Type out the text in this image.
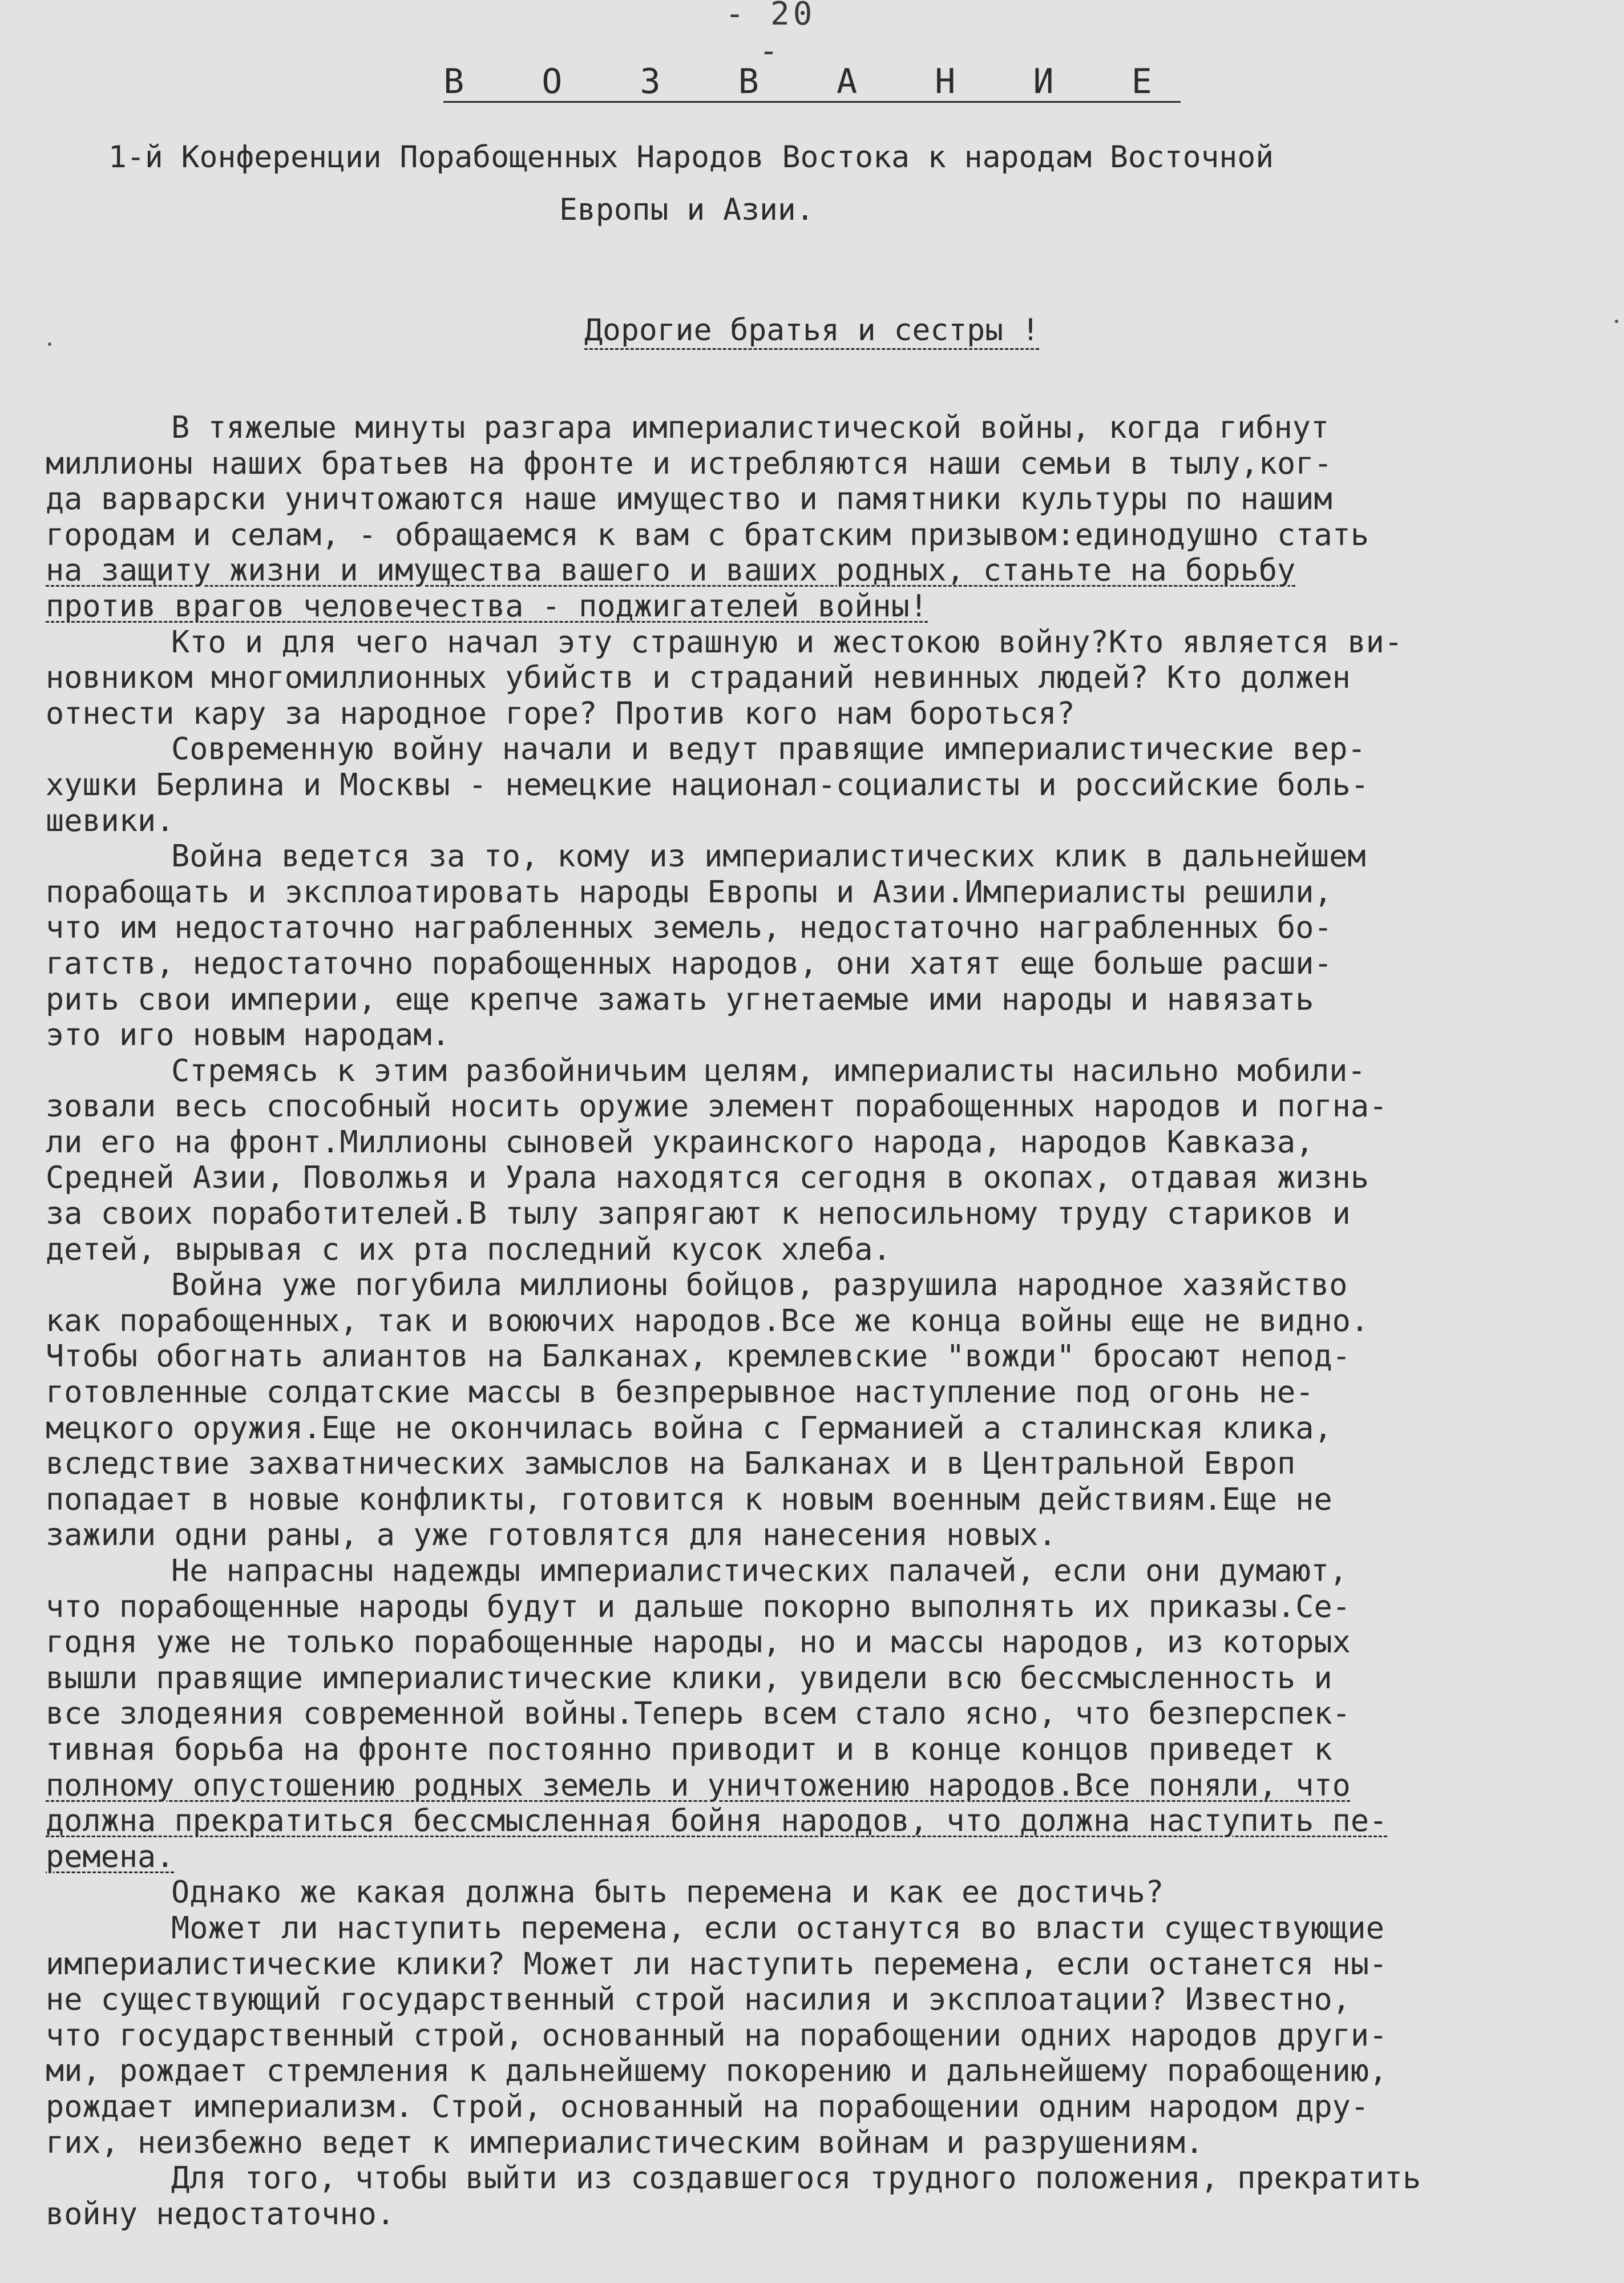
- 20 -
В О З В А Н И Е
1-й Конференции Порабощенных Народов Востока к народам Восточной
Европы и Азии.
Дорогие братья и сестры !
В тяжелые минуты разгара империалистической войны, когда гибнут
миллионы наших братьев на фронте и истребляются наши семьи в тылу,ког-
да варварски уничтожаются наше имущество и памятники культуры по нашим
городам и селам, - обращаемся к вам с братским призывом:единодушно стать
на защиту жизни и имущества вашего и ваших родных, станьте на борьбу
против врагов человечества - поджигателей войны!
Кто и для чего начал эту страшную и жестокою войну?Кто является ви-
новником многомиллионных убийств и страданий невинных людей? Кто должен
отнести кару за народное горе? Против кого нам бороться?
Современную войну начали и ведут правящие империалистические вер-
хушки Берлина и Москвы - немецкие национал-социалисты и российские боль-
шевики.
Война ведется за то, кому из империалистических клик в дальнейшем
порабощать и эксплоатировать народы Европы и Азии.Империалисты решили,
что им недостаточно награбленных земель, недостаточно награбленных бо-
гатств, недостаточно порабощенных народов, они хатят еще больше расши-
рить свои империи, еще крепче зажать угнетаемые ими народы и навязать
это иго новым народам.
Стремясь к этим разбойничьим целям, империалисты насильно мобили-
зовали весь способный носить оружие элемент порабощенных народов и погна-
ли его на фронт.Миллионы сыновей украинского народа, народов Кавказа,
Средней Азии, Поволжья и Урала находятся сегодня в окопах, отдавая жизнь
за своих поработителей.В тылу запрягают к непосильному труду стариков и
детей, вырывая с их рта последний кусок хлеба.
Война уже погубила миллионы бойцов, разрушила народное хазяйство
как порабощенных, так и воюючих народов.Все же конца войны еще не видно.
Чтобы обогнать алиантов на Балканах, кремлевские "вожди" бросают непод-
готовленные солдатские массы в безпрерывное наступление под огонь не-
мецкого оружия.Еще не окончилась война с Германией а сталинская клика,
вследствие захватнических замыслов на Балканах и в Центральной Европ
попадает в новые конфликты, готовится к новым военным действиям.Еще не
зажили одни раны, а уже готовлятся для нанесения новых.
Не напрасны надежды империалистических палачей, если они думают,
что порабощенные народы будут и дальше покорно выполнять их приказы.Се-
годня уже не только порабощенные народы, но и массы народов, из которых
вышли правящие империалистические клики, увидели всю бессмысленность и
все злодеяния современной войны.Теперь всем стало ясно, что безперспек-
тивная борьба на фронте постоянно приводит и в конце концов приведет к
полному опустошению родных земель и уничтожению народов.Все поняли, что
должна прекратиться бессмысленная бойня народов, что должна наступить пе-
ремена.
Однако же какая должна быть перемена и как ее достичь?
Может ли наступить перемена, если останутся во власти существующие
империалистические клики? Может ли наступить перемена, если останется ны-
не существующий государственный строй насилия и эксплоатации? Известно,
что государственный строй, основанный на порабощении одних народов други-
ми, рождает стремления к дальнейшему покорению и дальнейшему порабощению,
рождает империализм. Строй, основанный на порабощении одним народом дру-
гих, неизбежно ведет к империалистическим войнам и разрушениям.
Для того, чтобы выйти из создавшегося трудного положения, прекратить
войну недостаточно.
